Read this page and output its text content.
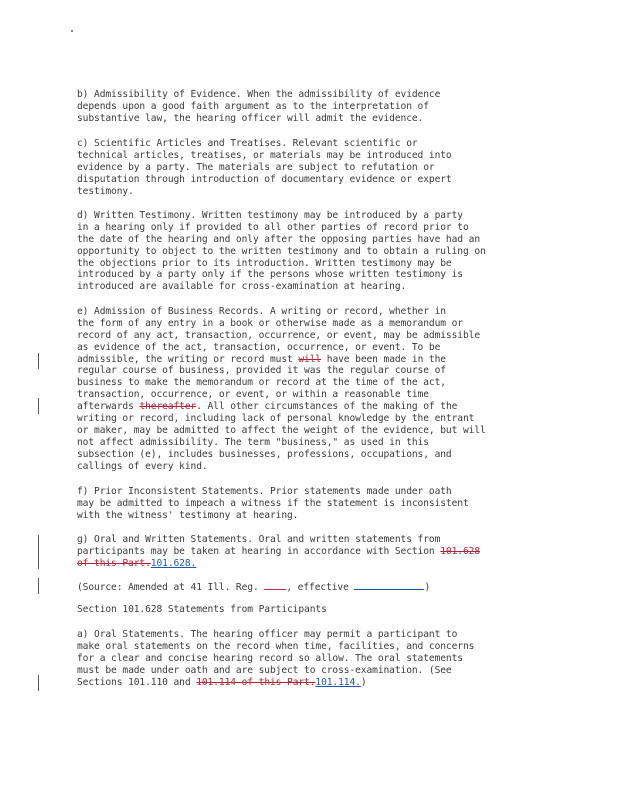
b) Admissibility of Evidence. When the admissibility of evidence
depends upon a good faith argument as to the interpretation of
substantive law, the hearing officer will admit the evidence.
c) Scientific Articles and Treatises. Relevant scientific or
technical articles, treatises, or materials may be introduced into
evidence by a party. The materials are subject to refutation or
disputation through introduction of documentary evidence or expert
testimony.
d) Written Testimony. Written testimony may be introduced by a party
in a hearing only if provided to all other parties of record prior to
the date of the hearing and only after the opposing parties have had an
opportunity to object to the written testimony and to obtain a ruling on
the objections prior to its introduction. Written testimony may be
introduced by a party only if the persons whose written testimony is
introduced are available for cross-examination at hearing.
e) Admission of Business Records. A writing or record, whether in
the form of any entry in a book or otherwise made as a memorandum or
record of any act, transaction, occurrence, or event, may be admissible
as evidence of the act, transaction, occurrence, or event. To be
admissible, the writing or record must will have been made in the
regular course of business, provided it was the regular course of
business to make the memorandum or record at the time of the act,
transaction, occurrence, or event, or within a reasonable time
afterwards thereafter. All other circumstances of the making of the
writing or record, including lack of personal knowledge by the entrant
or maker, may be admitted to affect the weight of the evidence, but will
not affect admissibility. The term "business," as used in this
subsection (e), includes businesses, professions, occupations, and
callings of every kind.
f) Prior Inconsistent Statements. Prior statements made under oath
may be admitted to impeach a witness if the statement is inconsistent
with the witness' testimony at hearing.
g) Oral and Written Statements. Oral and written statements from
participants may be taken at hearing in accordance with Section 101.628
of this Part.101.628.
(Source: Amended at 41 Ill. Reg. , effective	)
Section 101.628 Statements from Participants
a) Oral Statements. The hearing officer may permit a participant to
make oral statements on the record when time, facilities, and concerns
for a clear and concise hearing record so allow. The oral statements
must be made under oath and are subject to cross-examination. (See
Sections 101.110 and 101.114 of this Part.101.114.)
